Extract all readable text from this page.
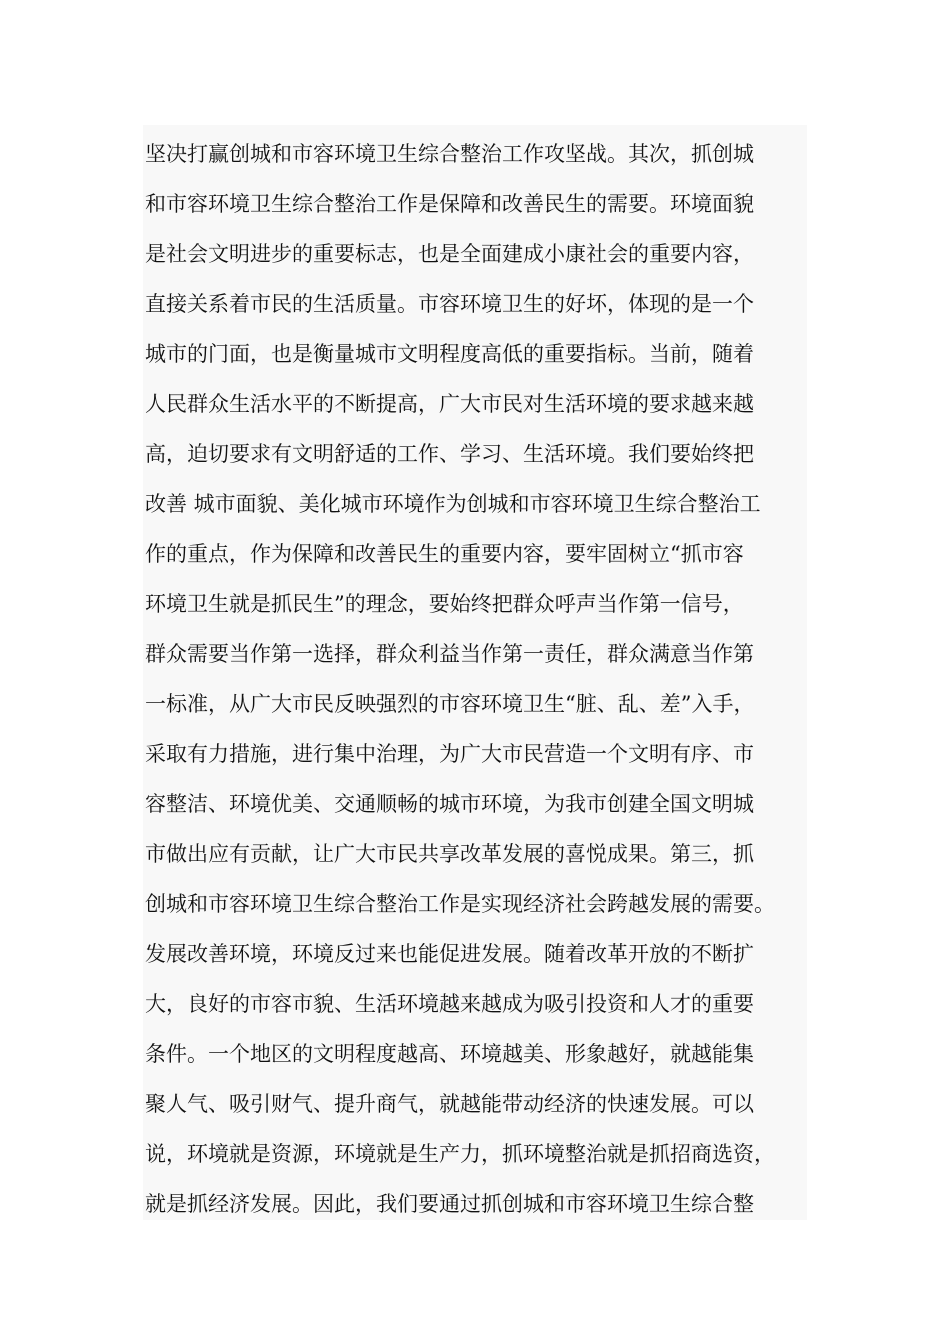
坚决打赢创城和市容环境卫生综合整治工作攻坚战。其次，抓创城

和市容环境卫生综合整治工作是保障和改善民生的需要。环境面貌

是社会文明进步的重要标志，也是全面建成小康社会的重要内容，

直接关系着市民的生活质量。市容环境卫生的好坏，体现的是一个

城市的门面，也是衡量城市文明程度高低的重要指标。当前，随着

人民群众生活水平的不断提高，广大市民对生活环境的要求越来越

高，迫切要求有文明舒适的工作、学习、生活环境。我们要始终把

改善 城市面貌、美化城市环境作为创城和市容环境卫生综合整治工

作的重点，作为保障和改善民生的重要内容，要牢固树立“抓市容

环境卫生就是抓民生”的理念，要始终把群众呼声当作第一信号，

群众需要当作第一选择，群众利益当作第一责任，群众满意当作第

一标准，从广大市民反映强烈的市容环境卫生“脏、乱、差”入手，

采取有力措施，进行集中治理，为广大市民营造一个文明有序、市

容整洁、环境优美、交通顺畅的城市环境，为我市创建全国文明城

市做出应有贡献，让广大市民共享改革发展的喜悦成果。第三，抓

创城和市容环境卫生综合整治工作是实现经济社会跨越发展的需要。

发展改善环境，环境反过来也能促进发展。随着改革开放的不断扩

大，良好的市容市貌、生活环境越来越成为吸引投资和人才的重要

条件。一个地区的文明程度越高、环境越美、形象越好，就越能集

聚人气、吸引财气、提升商气，就越能带动经济的快速发展。可以

说，环境就是资源，环境就是生产力，抓环境整治就是抓招商选资，

就是抓经济发展。因此，我们要通过抓创城和市容环境卫生综合整
